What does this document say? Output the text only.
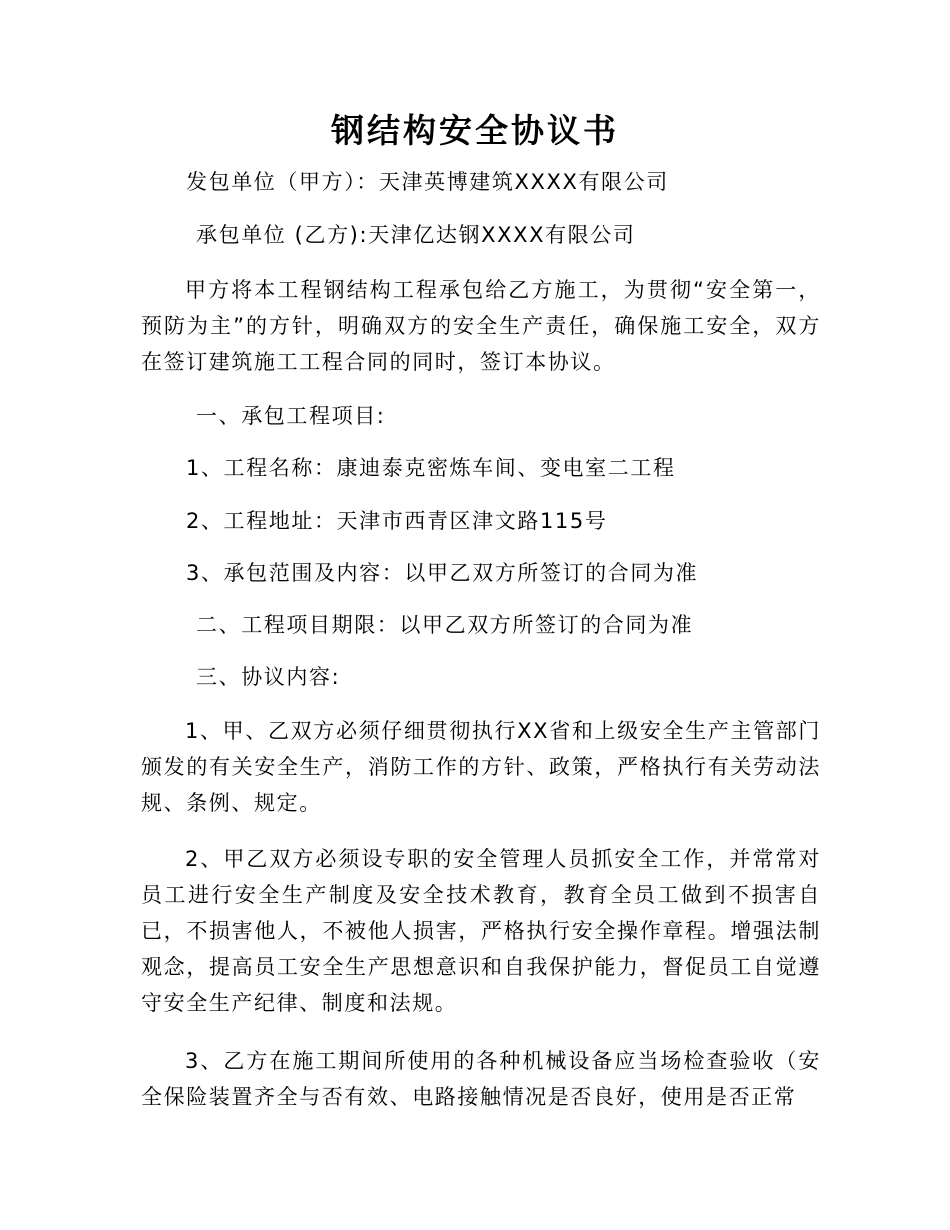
钢结构安全协议书

发包单位（甲方）：天津英博建筑XXXX有限公司

承包单位 (乙方):天津亿达钢XXXX有限公司

甲方将本工程钢结构工程承包给乙方施工，为贯彻“安全第一，预防为主”的方针，明确双方的安全生产责任，确保施工安全，双方在签订建筑施工工程合同的同时，签订本协议。

一、承包工程项目:

1、工程名称：康迪泰克密炼车间、变电室二工程

2、工程地址：天津市西青区津文路115号

3、承包范围及内容：以甲乙双方所签订的合同为准

二、工程项目期限：以甲乙双方所签订的合同为准

三、协议内容:

1、甲、乙双方必须仔细贯彻执行XX省和上级安全生产主管部门颁发的有关安全生产，消防工作的方针、政策，严格执行有关劳动法规、条例、规定。

2、甲乙双方必须设专职的安全管理人员抓安全工作，并常常对员工进行安全生产制度及安全技术教育，教育全员工做到不损害自已，不损害他人，不被他人损害，严格执行安全操作章程。增强法制观念，提高员工安全生产思想意识和自我保护能力，督促员工自觉遵守安全生产纪律、制度和法规。

3、乙方在施工期间所使用的各种机械设备应当场检查验收（安全保险装置齐全与否有效、电路接触情况是否良好，使用是否正常
